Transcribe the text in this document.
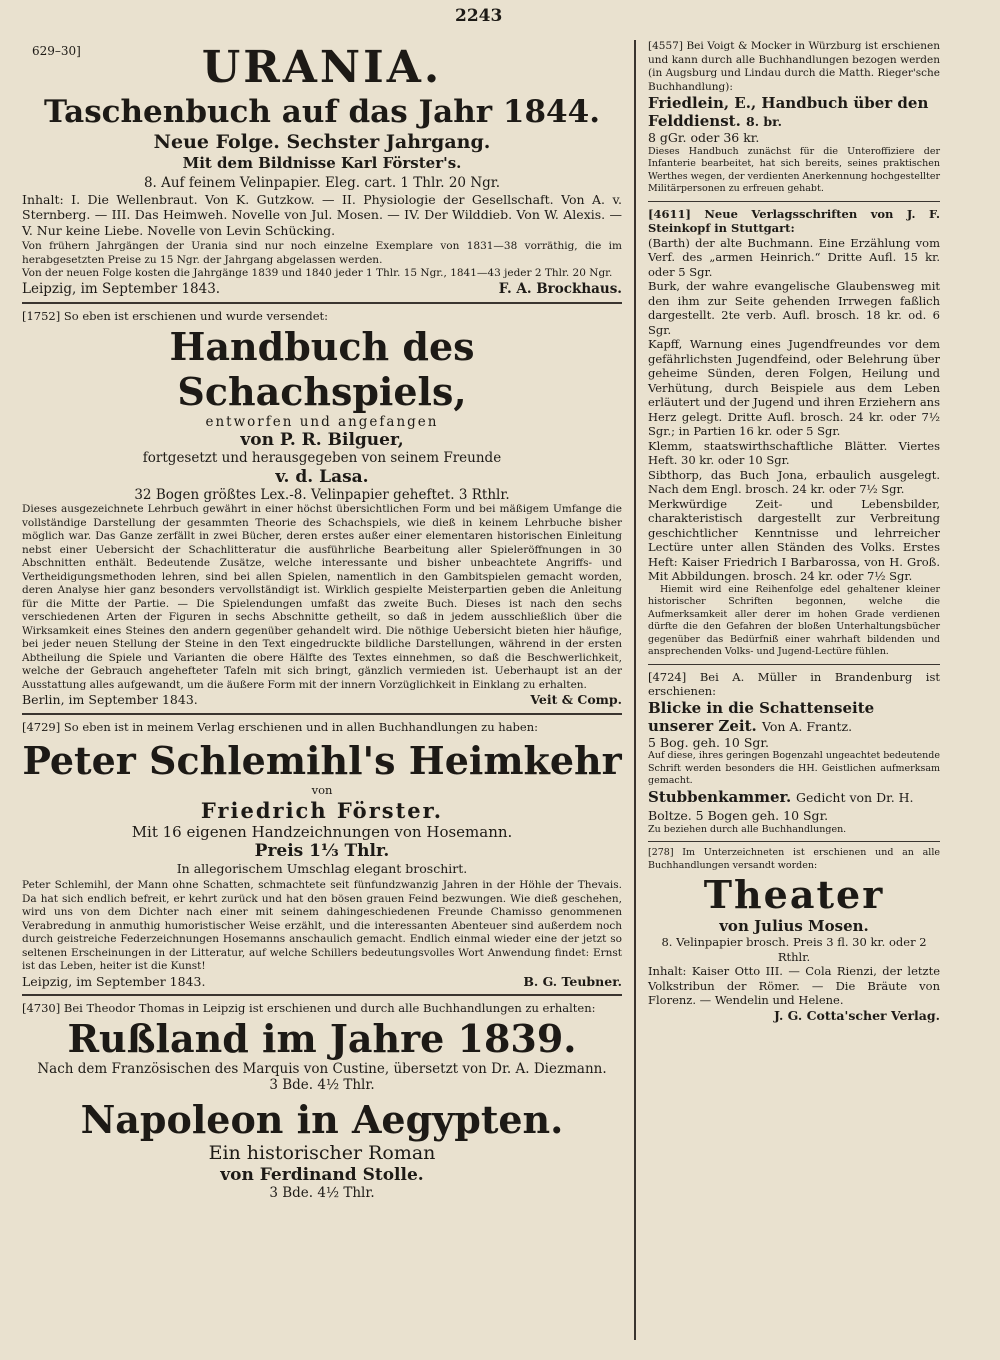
2243
629–30]	URANIA.

Taschenbuch auf das Jahr 1844.

Neue Folge. Sechster Jahrgang.

Mit dem Bildnisse Karl Förster's.

8. Auf feinem Velinpapier. Eleg. cart. 1 Thlr. 20 Ngr.

Inhalt: I. Die Wellenbraut. Von K. Gutzkow. — II. Physiologie der Gesellschaft. Von A. v. Sternberg. — III. Das Heimweh. Novelle von Jul. Mosen. — IV. Der Wilddieb. Von W. Alexis. — V. Nur keine Liebe. Novelle von Levin Schücking.

Von frühern Jahrgängen der Urania sind nur noch einzelne Exemplare von 1831—38 vorräthig, die im herabgesetzten Preise zu 15 Ngr. der Jahrgang abgelassen werden.

Von der neuen Folge kosten die Jahrgänge 1839 und 1840 jeder 1 Thlr. 15 Ngr., 1841—43 jeder 2 Thlr. 20 Ngr.

Leipzig, im September 1843.	F. A. Brockhaus.

[1752] So eben ist erschienen und wurde versendet:

Handbuch des Schachspiels,

entworfen und angefangen

von P. R. Bilguer,

fortgesetzt und herausgegeben von seinem Freunde

v. d. Lasa.

32 Bogen größtes Lex.-8. Velinpapier geheftet. 3 Rthlr.

Dieses ausgezeichnete Lehrbuch gewährt in einer höchst übersichtlichen Form und bei mäßigem Umfange die vollständige Darstellung der gesammten Theorie des Schachspiels, wie dieß in keinem Lehrbuche bisher möglich war. Das Ganze zerfällt in zwei Bücher, deren erstes außer einer elementaren historischen Einleitung nebst einer Uebersicht der Schachlitteratur die ausführliche Bearbeitung aller Spieleröffnungen in 30 Abschnitten enthält. Bedeutende Zusätze, welche interessante und bisher unbeachtete Angriffs- und Vertheidigungsmethoden lehren, sind bei allen Spielen, namentlich in den Gambitspielen gemacht worden, deren Analyse hier ganz besonders vervollständigt ist. Wirklich gespielte Meisterpartien geben die Anleitung für die Mitte der Partie. — Die Spielendungen umfaßt das zweite Buch. Dieses ist nach den sechs verschiedenen Arten der Figuren in sechs Abschnitte getheilt, so daß in jedem ausschließlich über die Wirksamkeit eines Steines den andern gegenüber gehandelt wird. Die nöthige Uebersicht bieten hier häufige, bei jeder neuen Stellung der Steine in den Text eingedruckte bildliche Darstellungen, während in der ersten Abtheilung die Spiele und Varianten die obere Hälfte des Textes einnehmen, so daß die Beschwerlichkeit, welche der Gebrauch angehefteter Tafeln mit sich bringt, gänzlich vermieden ist. Ueberhaupt ist an der Ausstattung alles aufgewandt, um die äußere Form mit der innern Vorzüglichkeit in Einklang zu erhalten.

Berlin, im September 1843.	Veit & Comp.

[4729] So eben ist in meinem Verlag erschienen und in allen Buchhandlungen zu haben:

Peter Schlemihl's Heimkehr

von

Friedrich Förster.

Mit 16 eigenen Handzeichnungen von Hosemann.

Preis 1⅓ Thlr.

In allegorischem Umschlag elegant broschirt.

Peter Schlemihl, der Mann ohne Schatten, schmachtete seit fünfundzwanzig Jahren in der Höhle der Thevais. Da hat sich endlich befreit, er kehrt zurück und hat den bösen grauen Feind bezwungen. Wie dieß geschehen, wird uns von dem Dichter nach einer mit seinem dahingeschiedenen Freunde Chamisso genommenen Verabredung in anmuthig humoristischer Weise erzählt, und die interessanten Abenteuer sind außerdem noch durch geistreiche Federzeichnungen Hosemanns anschaulich gemacht. Endlich einmal wieder eine der jetzt so seltenen Erscheinungen in der Litteratur, auf welche Schillers bedeutungsvolles Wort Anwendung findet: Ernst ist das Leben, heiter ist die Kunst!

Leipzig, im September 1843.	B. G. Teubner.

[4730] Bei Theodor Thomas in Leipzig ist erschienen und durch alle Buchhandlungen zu erhalten:

Rußland im Jahre 1839.

Nach dem Französischen des Marquis von Custine, übersetzt von Dr. A. Diezmann.

3 Bde. 4½ Thlr.

Napoleon in Aegypten.

Ein historischer Roman

von Ferdinand Stolle.

3 Bde. 4½ Thlr.

[4557] Bei Voigt & Mocker in Würzburg ist erschienen und kann durch alle Buchhandlungen bezogen werden (in Augsburg und Lindau durch die Matth. Rieger'sche Buchhandlung):

Friedlein, E., Handbuch über den Felddienst. 8. br.

8 gGr. oder 36 kr.

Dieses Handbuch zunächst für die Unteroffiziere der Infanterie bearbeitet, hat sich bereits, seines praktischen Werthes wegen, der verdienten Anerkennung hochgestellter Militärpersonen zu erfreuen gehabt.

[4611] Neue Verlagsschriften von J. F. Steinkopf in Stuttgart:

(Barth) der alte Buchmann. Eine Erzählung vom Verf. des „armen Heinrich.“ Dritte Aufl. 15 kr. oder 5 Sgr.

Burk, der wahre evangelische Glaubensweg mit den ihm zur Seite gehenden Irrwegen faßlich dargestellt. 2te verb. Aufl. brosch. 18 kr. od. 6 Sgr.

Kapff, Warnung eines Jugendfreundes vor dem gefährlichsten Jugendfeind, oder Belehrung über geheime Sünden, deren Folgen, Heilung und Verhütung, durch Beispiele aus dem Leben erläutert und der Jugend und ihren Erziehern ans Herz gelegt. Dritte Aufl. brosch. 24 kr. oder 7½ Sgr.; in Partien 16 kr. oder 5 Sgr.

Klemm, staatswirthschaftliche Blätter. Viertes Heft. 30 kr. oder 10 Sgr.

Sibthorp, das Buch Jona, erbaulich ausgelegt. Nach dem Engl. brosch. 24 kr. oder 7½ Sgr.

Merkwürdige Zeit- und Lebensbilder, charakteristisch dargestellt zur Verbreitung geschichtlicher Kenntnisse und lehrreicher Lectüre unter allen Ständen des Volks. Erstes Heft: Kaiser Friedrich I Barbarossa, von H. Groß. Mit Abbildungen. brosch. 24 kr. oder 7½ Sgr.

Hiemit wird eine Reihenfolge edel gehaltener kleiner historischer Schriften begonnen, welche die Aufmerksamkeit aller derer im hohen Grade verdienen dürfte die den Gefahren der bloßen Unterhaltungsbücher gegenüber das Bedürfniß einer wahrhaft bildenden und ansprechenden Volks- und Jugend-Lectüre fühlen.

[4724] Bei A. Müller in Brandenburg ist erschienen:

Blicke in die Schattenseite unserer Zeit. Von A. Frantz.

5 Bog. geh. 10 Sgr.

Auf diese, ihres geringen Bogenzahl ungeachtet bedeutende Schrift werden besonders die HH. Geistlichen aufmerksam gemacht.

Stubbenkammer. Gedicht von Dr. H. Boltze. 5 Bogen geh. 10 Sgr.

Zu beziehen durch alle Buchhandlungen.

[278] Im Unterzeichneten ist erschienen und an alle Buchhandlungen versandt worden:

Theater

von Julius Mosen.

8. Velinpapier brosch. Preis 3 fl. 30 kr. oder 2 Rthlr.

Inhalt: Kaiser Otto III. — Cola Rienzi, der letzte Volkstribun der Römer. — Die Bräute von Florenz. — Wendelin und Helene.

J. G. Cotta'scher Verlag.
